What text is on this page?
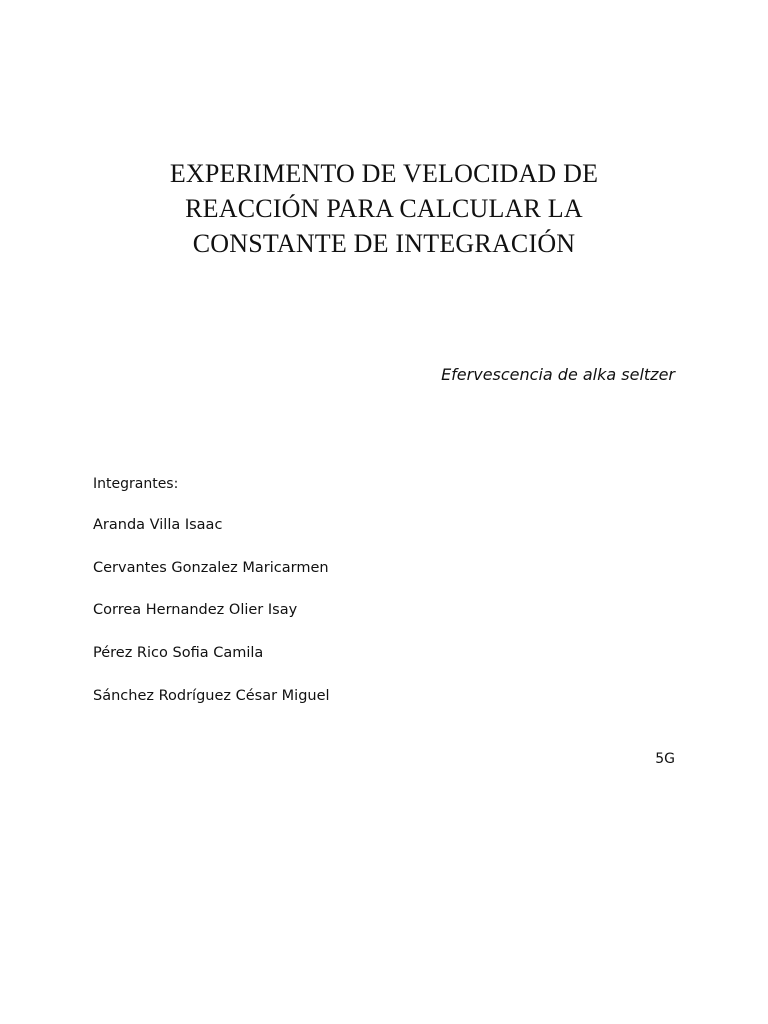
EXPERIMENTO DE VELOCIDAD DE
REACCIÓN PARA CALCULAR LA
CONSTANTE DE INTEGRACIÓN
Efervescencia de alka seltzer
Integrantes:
Aranda Villa Isaac
Cervantes Gonzalez Maricarmen
Correa Hernandez Olier Isay
Pérez Rico Sofia Camila
Sánchez Rodríguez César Miguel
5G
